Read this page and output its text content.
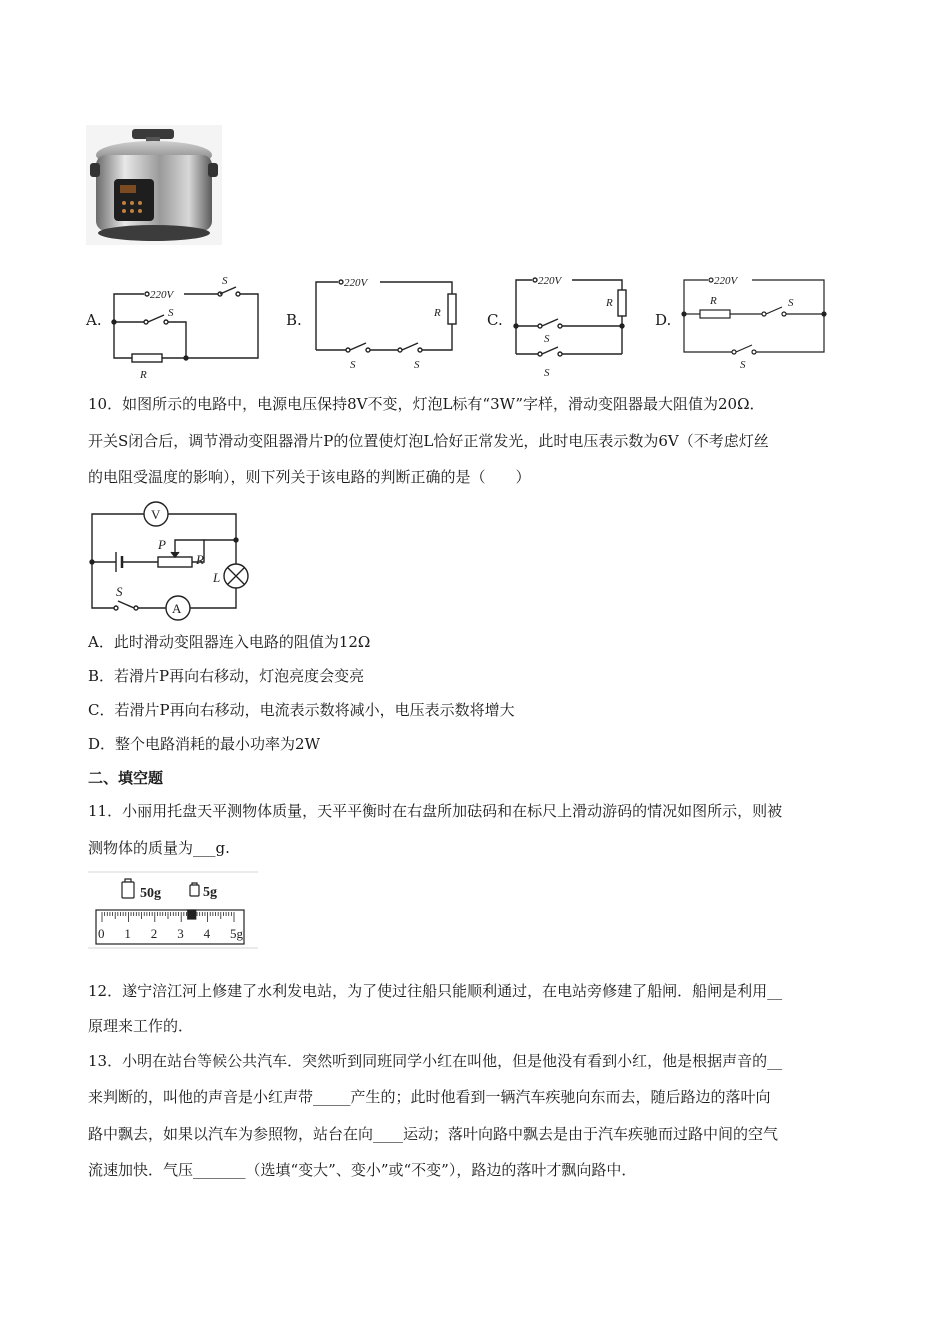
A.	B.	C.	D.
220V
S
S
R
220V
R
S	S
220V
R
S
S
220V
R	S
S
10．如图所示的电路中，电源电压保持8V不变，灯泡L标有“3W”字样，滑动变阻器最大阻值为20Ω．
开关S闭合后，调节滑动变阻器滑片P的位置使灯泡L恰好正常发光，此时电压表示数为6V（不考虑灯丝
的电阻受温度的影响），则下列关于该电路的判断正确的是（　　）
V
P
R
L
A
S
A．此时滑动变阻器连入电路的阻值为12Ω
B．若滑片P再向右移动，灯泡亮度会变亮
C．若滑片P再向右移动，电流表示数将减小，电压表示数将增大
D．整个电路消耗的最小功率为2W
二、填空题
11．小丽用托盘天平测物体质量，天平平衡时在右盘所加砝码和在标尺上滑动游码的情况如图所示，则被
测物体的质量为___g.
50g	5g
0 1 2 3 4 5g
12．遂宁涪江河上修建了水利发电站，为了使过往船只能顺利通过，在电站旁修建了船闸．船闸是利用__
原理来工作的．
13．小明在站台等候公共汽车．突然听到同班同学小红在叫他，但是他没有看到小红，他是根据声音的__
来判断的，叫他的声音是小红声带_____产生的；此时他看到一辆汽车疾驰向东而去，随后路边的落叶向
路中飘去，如果以汽车为参照物，站台在向____运动；落叶向路中飘去是由于汽车疾驰而过路中间的空气
流速加快．气压_______（选填“变大”、变小”或“不变”），路边的落叶才飘向路中．
